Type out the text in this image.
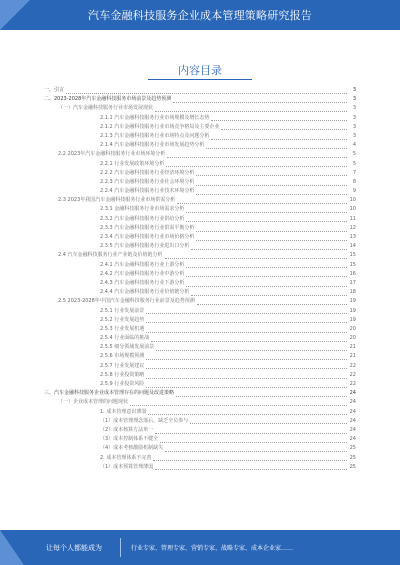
汽车金融科技服务企业成本管理策略研究报告
内容目录
一、引言	3
二、2023-2028年汽车金融科技服务市场前景及趋势预测	3
（一）汽车金融科技服务行业市场发展现状	3
2.1.1 汽车金融科技服务行业市场规模及增长态势	3
2.1.2 汽车金融科技服务行业市场竞争格局及主要企业	3
2.1.3 汽车金融科技服务行业市场特点及问题分析	3
2.1.4 汽车金融科技服务行业市场发展趋势分析	4
2.2 2023年汽车金融科技服务行业市场环境分析	5
2.2.1 行业发展政策环境分析	5
2.2.2 汽车金融科技服务行业经济环境分析	7
2.2.3 汽车金融科技服务行业社会环境分析	8
2.2.4 汽车金融科技服务行业技术环境分析	9
2.3 2023年我国汽车金融科技服务行业市场供需分析	10
2.3.1 金融科技服务行业市场需求分析	10
2.3.2 汽车金融科技服务行业供给分析	11
2.3.3 汽车金融科技服务行业供需平衡分析	12
2.3.4 汽车金融科技服务行业市场价格分析	13
2.3.5 汽车金融科技服务行业进出口分析	14
2.4 汽车金融科技服务行业产业链及价值链分析	15
2.4.1 汽车金融科技服务行业上游分析	15
2.4.2 汽车金融科技服务行业中游分析	16
2.4.3 汽车金融科技服务行业下游分析	17
2.4.4 汽车金融科技服务行业价值链分析	18
2.5 2023-2028年中国汽车金融科技服务行业前景及趋势预测	19
2.5.1 行业发展前景	19
2.5.2 行业发展趋势	19
2.5.3 行业发展机遇	20
2.5.4 行业面临的挑战	20
2.5.5 细分领域发展前景	21
2.5.6 市场规模预测	21
2.5.7 行业发展建议	22
2.5.8 行业投资策略	22
2.5.9 行业投资风险	22
三、汽车金融科技服务企业成本管理存在的问题及改进策略	24
（一）企业成本管理的问题现状	24
1. 成本管理意识薄弱	24
（1）成本管理理念落后，缺乏全员参与	24
（2）成本核算方法单一	24
（3）成本控制体系不健全	24
（4）成本考核激励机制缺失	25
2. 成本管理体系不完善	25
（1）成本预算管理薄弱	25
让每个人都能成为	行业专家、管理专家、营销专家、战略专家、成本企业家……
